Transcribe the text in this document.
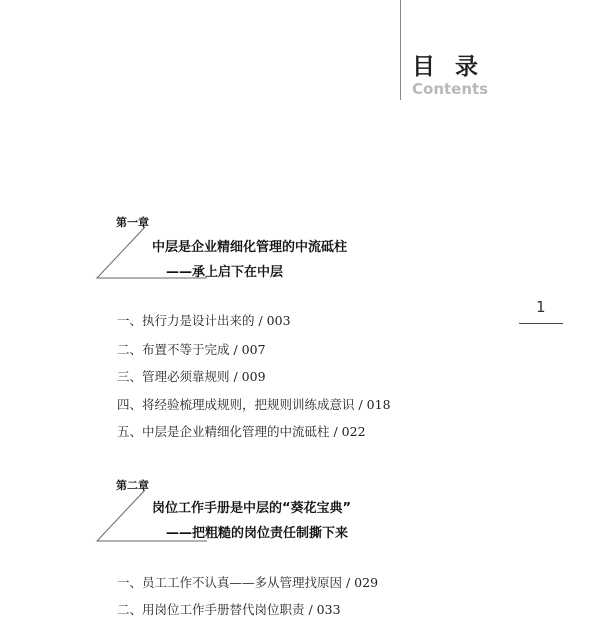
目 录
Contents
1
第一章
中层是企业精细化管理的中流砥柱
——承上启下在中层
一、执行力是设计出来的 / 003
二、布置不等于完成 / 007
三、管理必须靠规则 / 009
四、将经验梳理成规则，把规则训练成意识 / 018
五、中层是企业精细化管理的中流砥柱 / 022
第二章
岗位工作手册是中层的“葵花宝典”
——把粗糙的岗位责任制撕下来
一、员工工作不认真——多从管理找原因 / 029
二、用岗位工作手册替代岗位职责 / 033
